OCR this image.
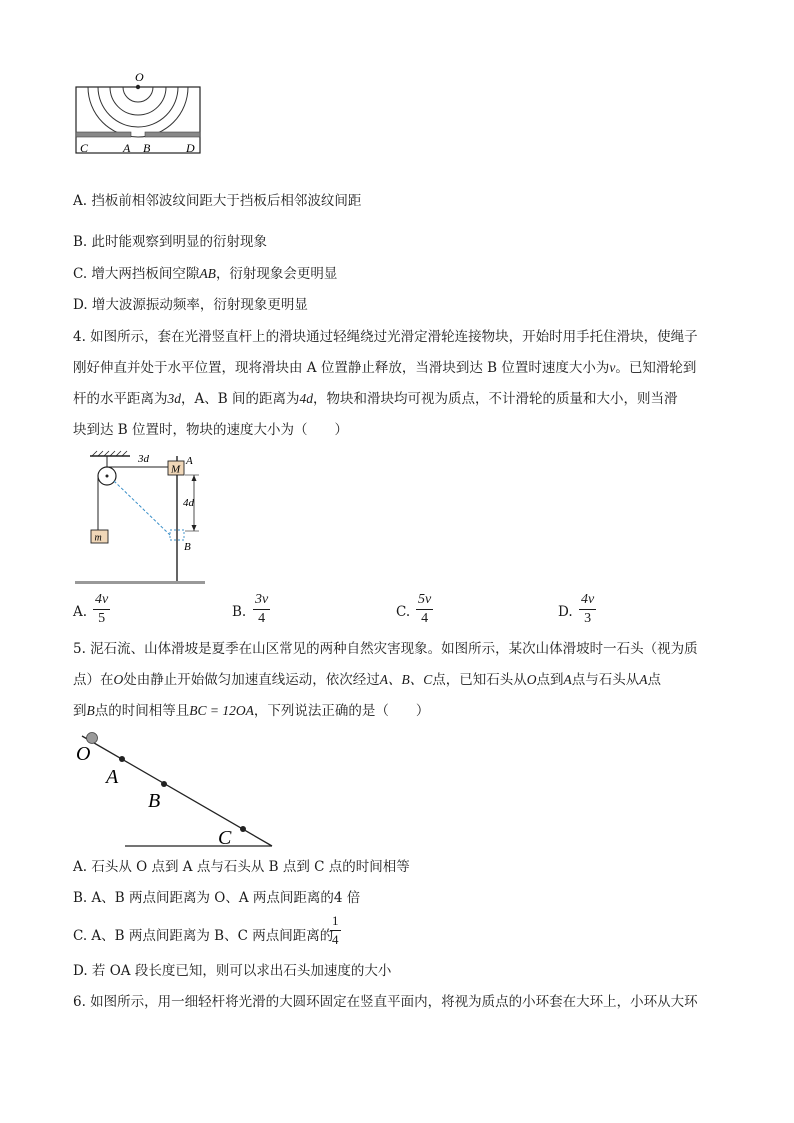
O
C	A B	D
A. 挡板前相邻波纹间距大于挡板后相邻波纹间距
B. 此时能观察到明显的衍射现象
C. 增大两挡板间空隙AB，衍射现象会更明显
D. 增大波源振动频率，衍射现象更明显
4. 如图所示，套在光滑竖直杆上的滑块通过轻绳绕过光滑定滑轮连接物块，开始时用手托住滑块，使绳子
刚好伸直并处于水平位置，现将滑块由 A 位置静止释放，当滑块到达 B 位置时速度大小为v。已知滑轮到
杆的水平距离为3d，A、B 间的距离为4d，物块和滑块均可视为质点，不计滑轮的质量和大小，则当滑
块到达 B 位置时，物块的速度大小为（　　）
m
M
A
B
3d
4d
A. $\frac{4v}{5}$	B. $\frac{3v}{4}$	C. $\frac{5v}{4}$	D. $\frac{4v}{3}$
5. 泥石流、山体滑坡是夏季在山区常见的两种自然灾害现象。如图所示，某次山体滑坡时一石头（视为质
点）在O处由静止开始做匀加速直线运动，依次经过A、B、C点，已知石头从O点到A点与石头从A点
到B点的时间相等且BC = 12OA，下列说法正确的是（　　）
O
A
B
C
A. 石头从 O 点到 A 点与石头从 B 点到 C 点的时间相等
B. A、B 两点间距离为 O、A 两点间距离的4 倍
C. A、B 两点间距离为 B、C 两点间距离的
$\frac{1}{4}$
D. 若 OA 段长度已知，则可以求出石头加速度的大小
6. 如图所示，用一细轻杆将光滑的大圆环固定在竖直平面内，将视为质点的小环套在大环上，小环从大环
